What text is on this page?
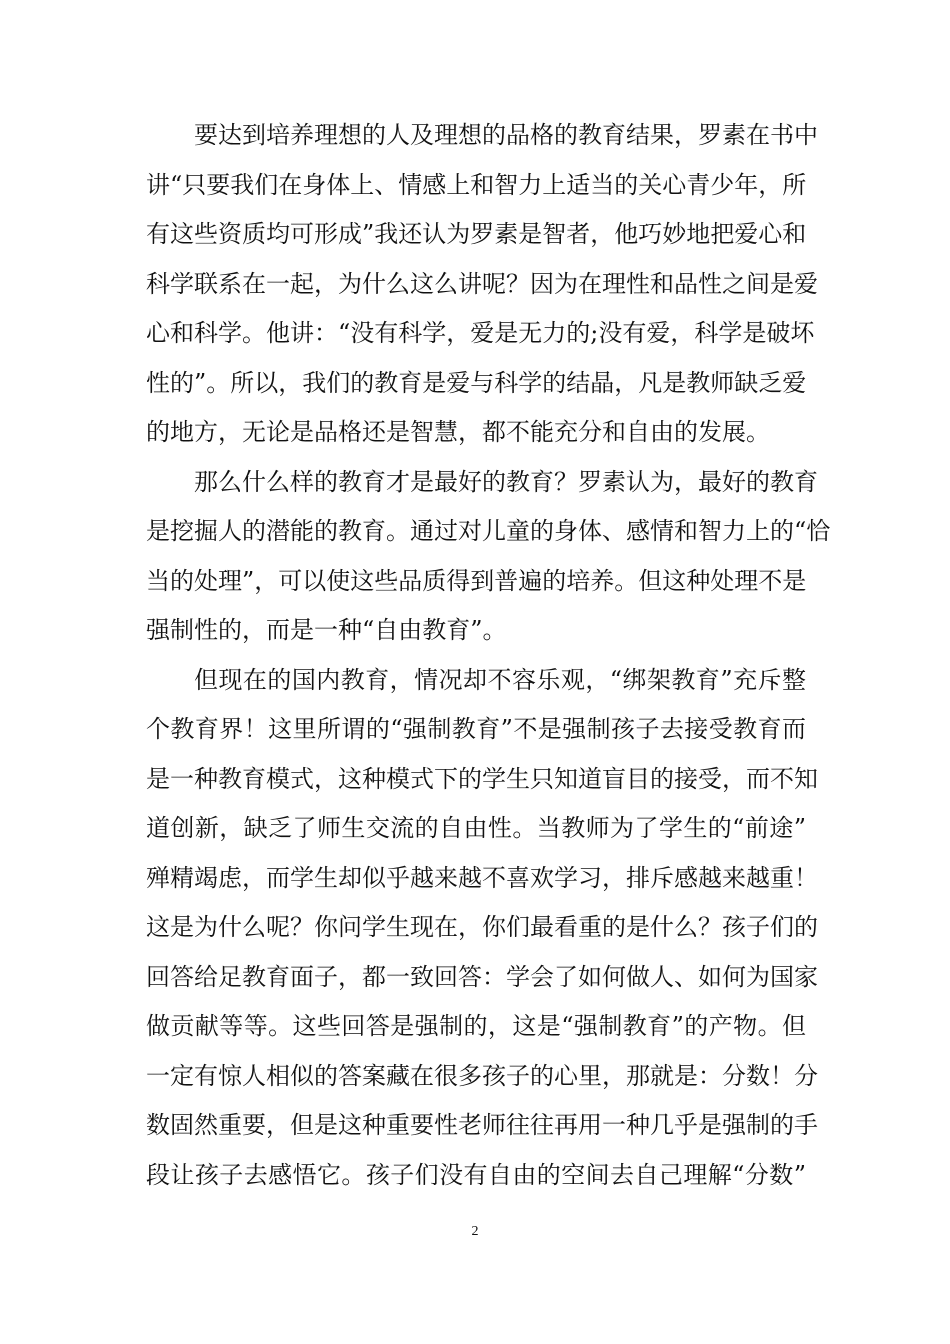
要达到培养理想的人及理想的品格的教育结果，罗素在书中
讲“只要我们在身体上、情感上和智力上适当的关心青少年，所
有这些资质均可形成”我还认为罗素是智者，他巧妙地把爱心和
科学联系在一起，为什么这么讲呢？因为在理性和品性之间是爱
心和科学。他讲：“没有科学，爱是无力的;没有爱，科学是破坏
性的”。所以，我们的教育是爱与科学的结晶，凡是教师缺乏爱
的地方，无论是品格还是智慧，都不能充分和自由的发展。
那么什么样的教育才是最好的教育？罗素认为，最好的教育
是挖掘人的潜能的教育。通过对儿童的身体、感情和智力上的“恰
当的处理”，可以使这些品质得到普遍的培养。但这种处理不是
强制性的，而是一种“自由教育”。
但现在的国内教育，情况却不容乐观，“绑架教育”充斥整
个教育界！这里所谓的“强制教育”不是强制孩子去接受教育而
是一种教育模式，这种模式下的学生只知道盲目的接受，而不知
道创新，缺乏了师生交流的自由性。当教师为了学生的“前途”
殚精竭虑，而学生却似乎越来越不喜欢学习，排斥感越来越重！
这是为什么呢？你问学生现在，你们最看重的是什么？孩子们的
回答给足教育面子，都一致回答：学会了如何做人、如何为国家
做贡献等等。这些回答是强制的，这是“强制教育”的产物。但
一定有惊人相似的答案藏在很多孩子的心里，那就是：分数！分
数固然重要，但是这种重要性老师往往再用一种几乎是强制的手
段让孩子去感悟它。孩子们没有自由的空间去自己理解“分数”
2
